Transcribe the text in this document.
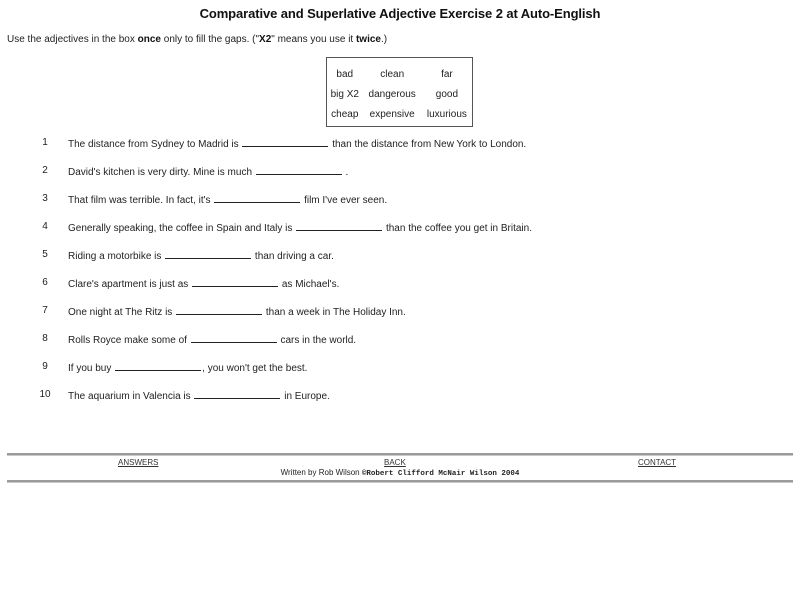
Comparative and Superlative Adjective Exercise 2 at Auto-English
Use the adjectives in the box once only to fill the gaps. ("X2" means you use it twice.)
bad	clean	far
big X2	dangerous	good
cheap	expensive	luxurious
1	The distance from Sydney to Madrid is	than the distance from New York to London.
2	David's kitchen is very dirty. Mine is much	.
3	That film was terrible. In fact, it's	film I've ever seen.
4	Generally speaking, the coffee in Spain and Italy is	than the coffee you get in Britain.
5	Riding a motorbike is	than driving a car.
6	Clare's apartment is just as	as Michael's.
7	One night at The Ritz is	than a week in The Holiday Inn.
8	Rolls Royce make some of	cars in the world.
9	If you buy	, you won't get the best.
10	The aquarium in Valencia is	in Europe.
ANSWERS	BACK	CONTACT
Written by Rob Wilson ©Robert Clifford McNair Wilson 2004
